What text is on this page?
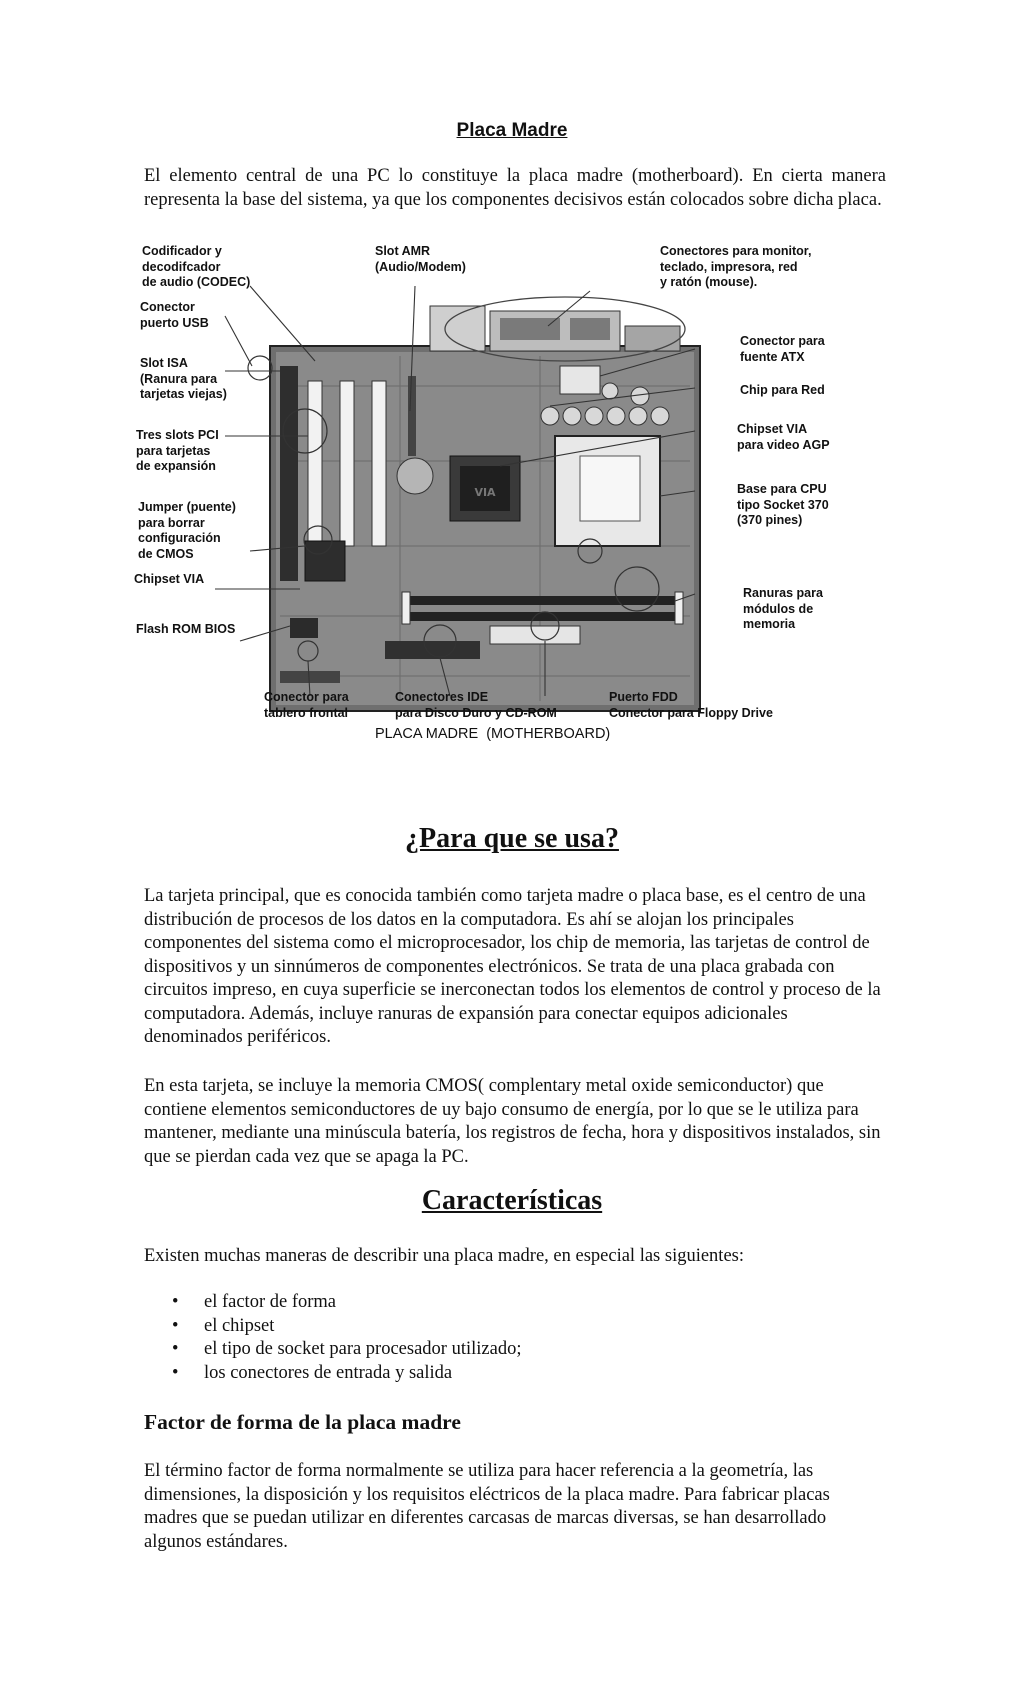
Placa Madre

El elemento central de una PC lo constituye la placa madre (motherboard). En cierta manera representa la base del sistema, ya que los componentes decisivos están colocados sobre dicha placa.

VIA
Codificador y
decodifcador
de audio (CODEC)
Conector
puerto USB
Slot ISA
(Ranura para
tarjetas viejas)
Tres slots PCI
para tarjetas
de expansión
Jumper (puente)
para borrar
configuración
de CMOS
Chipset VIA
Flash ROM BIOS
Slot AMR
(Audio/Modem)
Conectores para monitor,
teclado, impresora, red
y ratón (mouse).
Conector para
fuente ATX
Chip para Red
Chipset VIA
para video AGP
Base para CPU
tipo Socket 370
(370 pines)
Ranuras para
módulos de
memoria
Conector para
tablero frontal
Conectores IDE
para Disco Duro y CD-ROM
Puerto FDD
Conector para Floppy Drive
PLACA MADRE  (MOTHERBOARD)
¿Para que se usa?

La tarjeta principal, que es conocida también como tarjeta madre o placa base, es el centro de una distribución de procesos de los datos en la computadora. Es ahí se alojan los principales componentes del sistema como el microprocesador, los chip de memoria, las tarjetas de control de dispositivos y un sinnúmeros de componentes electrónicos. Se trata de una placa grabada con circuitos impreso, en cuya superficie se inerconectan todos los elementos de control y proceso de la computadora. Además, incluye ranuras de expansión para conectar equipos adicionales denominados periféricos.

En esta tarjeta, se incluye la memoria CMOS( complentary metal oxide semiconductor) que contiene elementos semiconductores de uy bajo consumo de energía, por lo que se le utiliza para mantener, mediante una minúscula batería, los registros de fecha, hora y dispositivos instalados, sin que se pierdan cada vez que se apaga la PC.

Características

Existen muchas maneras de describir una placa madre, en especial las siguientes:

• el factor de forma
• el chipset
• el tipo de socket para procesador utilizado;
• los conectores de entrada y salida
Factor de forma de la placa madre

El término factor de forma normalmente se utiliza para hacer referencia a la geometría, las dimensiones, la disposición y los requisitos eléctricos de la placa madre. Para fabricar placas madres que se puedan utilizar en diferentes carcasas de marcas diversas, se han desarrollado algunos estándares.
